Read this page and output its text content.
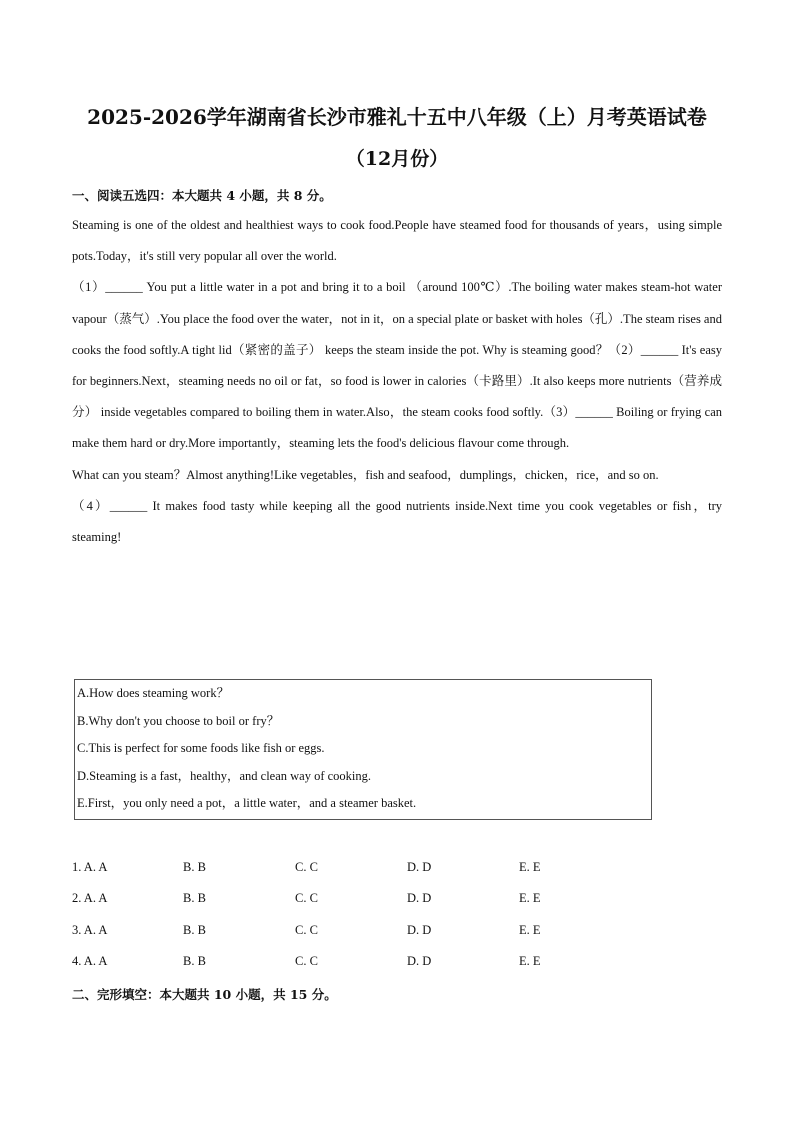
2025-2026学年湖南省长沙市雅礼十五中八年级（上）月考英语试卷
（12月份）
一、阅读五选四：本大题共 4 小题，共 8 分。

Steaming is one of the oldest and healthiest ways to cook food.People have steamed food for thousands of years，using simple pots.Today，it's still very popular all over the world.

（1）______ You put a little water in a pot and bring it to a boil （around 100℃）.The boiling water makes steam-hot water vapour（蒸气）.You place the food over the water，not in it，on a special plate or basket with holes（孔）.The steam rises and cooks the food softly.A tight lid（紧密的盖子） keeps the steam inside the pot. Why is steaming good？（2）______ It's easy for beginners.Next，steaming needs no oil or fat，so food is lower in calories（卡路里）.It also keeps more nutrients（营养成分） inside vegetables compared to boiling them in water.Also，the steam cooks food softly.（3）______ Boiling or frying can make them hard or dry.More importantly，steaming lets the food's delicious flavour come through.

What can you steam？Almost anything!Like vegetables，fish and seafood，dumplings，chicken，rice，and so on.

（4）______ It makes food tasty while keeping all the good nutrients inside.Next time you cook vegetables or fish，try steaming!

A.How does steaming work？
B.Why don't you choose to boil or fry？
C.This is perfect for some foods like fish or eggs.
D.Steaming is a fast，healthy，and clean way of cooking.
E.First，you only need a pot，a little water，and a steamer basket.
1. A. A	B. B	C. C	D. D	E. E
2. A. A	B. B	C. C	D. D	E. E
3. A. A	B. B	C. C	D. D	E. E
4. A. A	B. B	C. C	D. D	E. E
二、完形填空：本大题共 10 小题，共 15 分。
